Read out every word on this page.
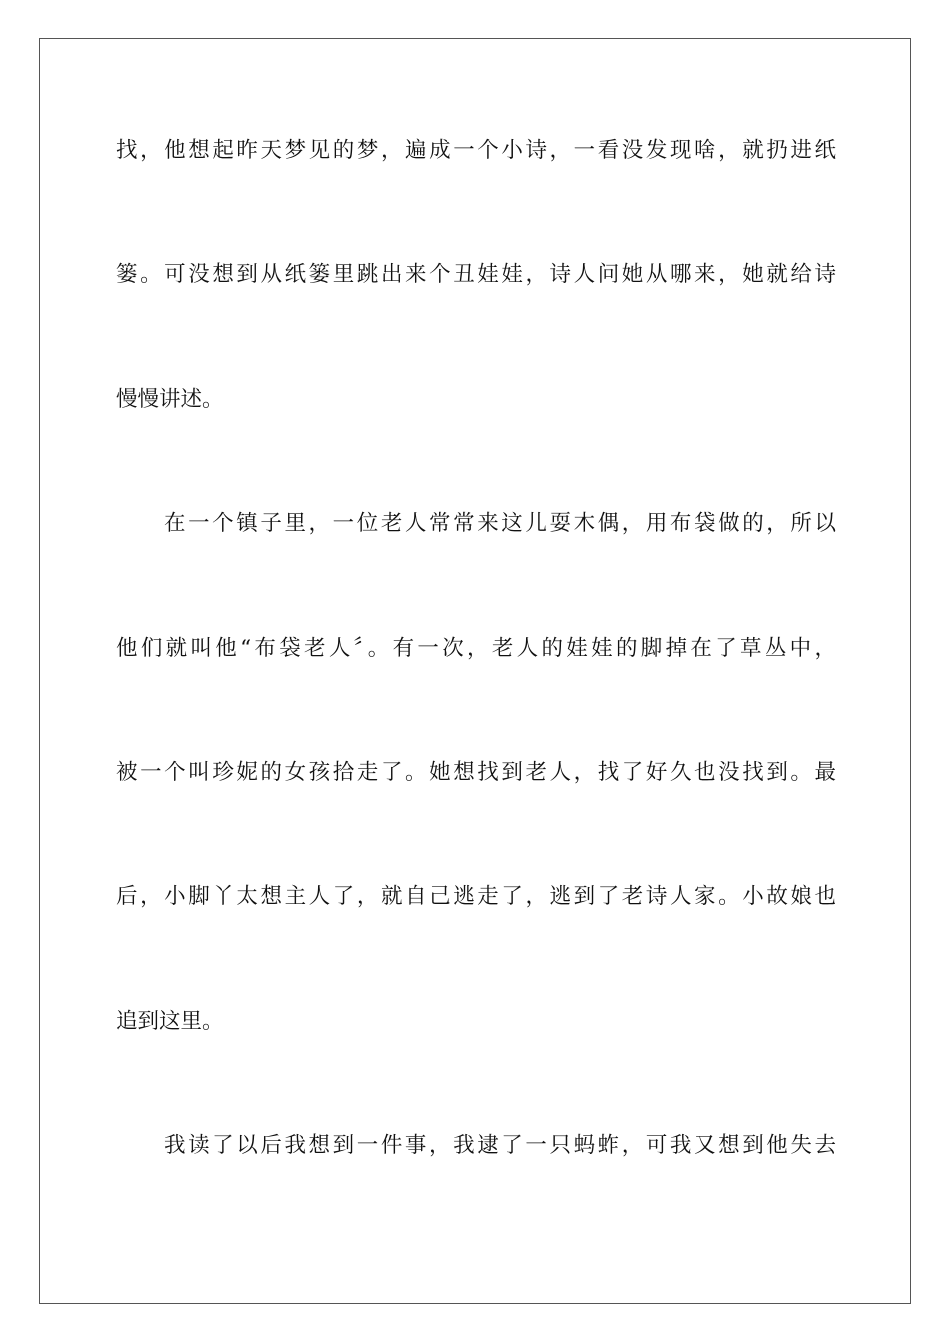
找，他想起昨天梦见的梦，遍成一个小诗，一看没发现啥，就扔进纸
篓。可没想到从纸篓里跳出来个丑娃娃，诗人问她从哪来，她就给诗
慢慢讲述。
在一个镇子里，一位老人常常来这儿耍木偶，用布袋做的，所以
他们就叫他“布袋老人〞。有一次，老人的娃娃的脚掉在了草丛中，
被一个叫珍妮的女孩拾走了。她想找到老人，找了好久也没找到。最
后，小脚丫太想主人了，就自己逃走了，逃到了老诗人家。小故娘也
追到这里。
我读了以后我想到一件事，我逮了一只蚂蚱，可我又想到他失去
